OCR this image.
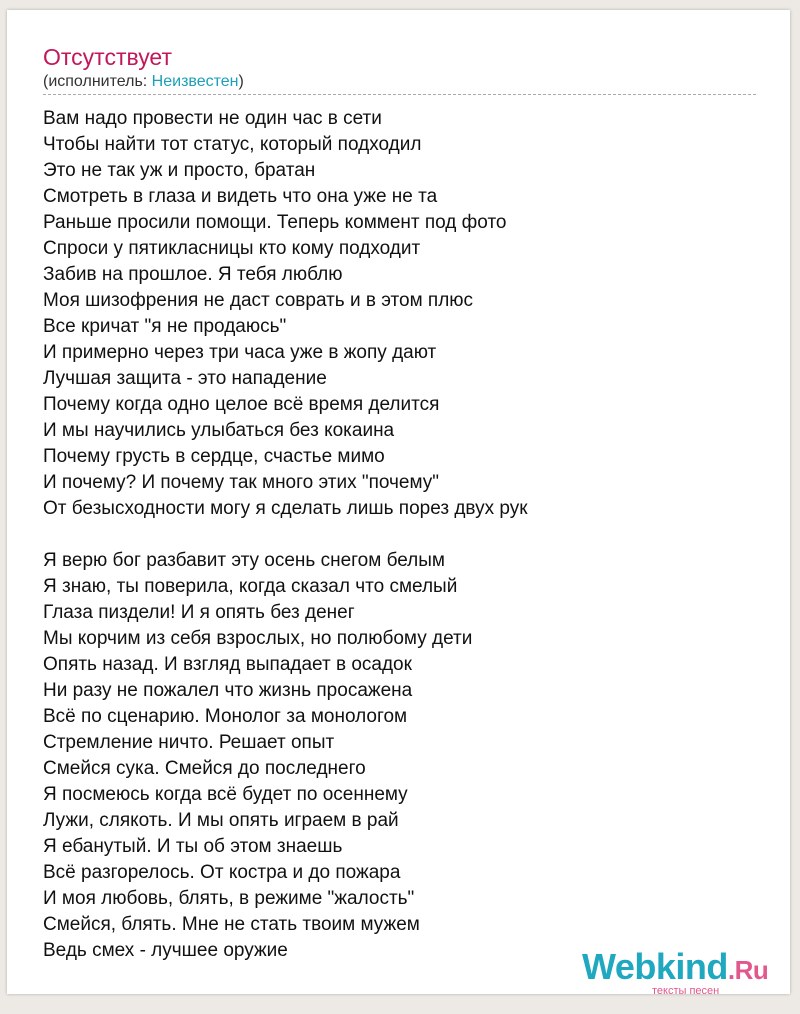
Отсутствует
(исполнитель: Неизвестен)
Вам надо провести не один час в сети
Чтобы найти тот статус, который подходил
Это не так уж и просто, братан
Смотреть в глаза и видеть что она уже не та
Раньше просили помощи. Теперь коммент под фото
Спроси у пятикласницы кто кому подходит
Забив на прошлое. Я тебя люблю
Моя шизофрения не даст соврать и в этом плюс
Все кричат "я не продаюсь"
И примерно через три часа уже в жопу дают
Лучшая защита - это нападение
Почему когда одно целое всё время делится
И мы научились улыбаться без кокаина
Почему грусть в сердце, счастье мимо
И почему? И почему так много этих "почему"
От безысходности могу я сделать лишь порез двух рук
Я верю бог разбавит эту осень снегом белым
Я знаю, ты поверила, когда сказал что смелый
Глаза пиздели! И я опять без денег
Мы корчим из себя взрослых, но полюбому дети
Опять назад. И взгляд выпадает в осадок
Ни разу не пожалел что жизнь просажена
Всё по сценарию. Монолог за монологом
Стремление ничто. Решает опыт
Смейся сука. Смейся до последнего
Я посмеюсь когда всё будет по осеннему
Лужи, слякоть. И мы опять играем в рай
Я ебанутый. И ты об этом знаешь
Всё разгорелось. От костра и до пожара
И моя любовь, блять, в режиме "жалость"
Смейся, блять. Мне не стать твоим мужем
Ведь смех - лучшее оружие	Webkind.Ru
тексты песен
